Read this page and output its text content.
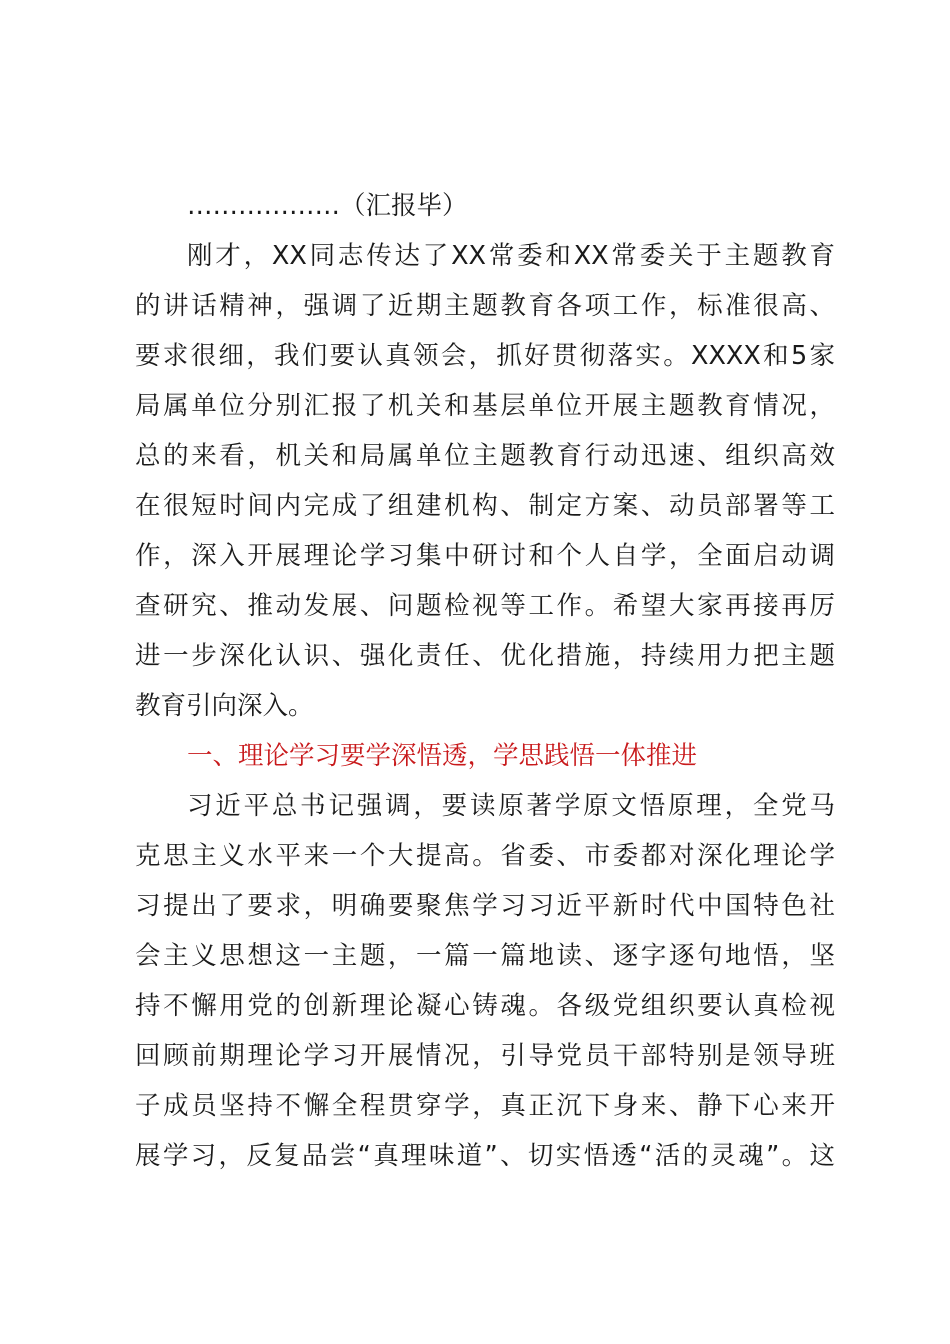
………………（汇报毕）
刚才，XX同志传达了XX常委和XX常委关于主题教育
的讲话精神，强调了近期主题教育各项工作，标准很高、
要求很细，我们要认真领会，抓好贯彻落实。XXXX和5家
局属单位分别汇报了机关和基层单位开展主题教育情况，
总的来看，机关和局属单位主题教育行动迅速、组织高效
在很短时间内完成了组建机构、制定方案、动员部署等工
作，深入开展理论学习集中研讨和个人自学，全面启动调
查研究、推动发展、问题检视等工作。希望大家再接再厉
进一步深化认识、强化责任、优化措施，持续用力把主题
教育引向深入。
一、理论学习要学深悟透，学思践悟一体推进
习近平总书记强调，要读原著学原文悟原理，全党马
克思主义水平来一个大提高。省委、市委都对深化理论学
习提出了要求，明确要聚焦学习习近平新时代中国特色社
会主义思想这一主题，一篇一篇地读、逐字逐句地悟，坚
持不懈用党的创新理论凝心铸魂。各级党组织要认真检视
回顾前期理论学习开展情况，引导党员干部特别是领导班
子成员坚持不懈全程贯穿学，真正沉下身来、静下心来开
展学习，反复品尝“真理味道”、切实悟透“活的灵魂”。这
